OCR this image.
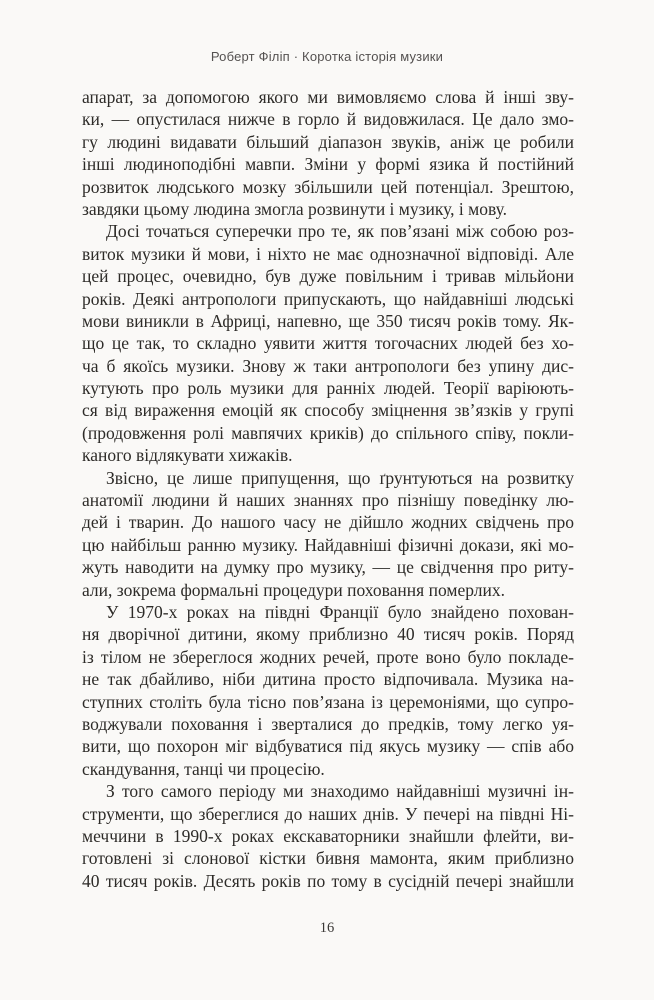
Роберт Філіп · Коротка історія музики
апарат, за допомогою якого ми вимовляємо слова й інші зву-
ки, — опустилася нижче в горло й видовжилася. Це дало змо-
гу людині видавати більший діапазон звуків, аніж це робили
інші людиноподібні мавпи. Зміни у формі язика й постійний
розвиток людського мозку збільшили цей потенціал. Зрештою,
завдяки цьому людина змогла розвинути і музику, і мову.
Досі точаться суперечки про те, як пов’язані між собою роз-
виток музики й мови, і ніхто не має однозначної відповіді. Але
цей процес, очевидно, був дуже повільним і тривав мільйони
років. Деякі антропологи припускають, що найдавніші людські
мови виникли в Африці, напевно, ще 350 тисяч років тому. Як-
що це так, то складно уявити життя тогочасних людей без хо-
ча б якоїсь музики. Знову ж таки антропологи без упину дис-
кутують про роль музики для ранніх людей. Теорії варіюють-
ся від вираження емоцій як способу зміцнення зв’язків у групі
(продовження ролі мавпячих криків) до спільного співу, покли-
каного відлякувати хижаків.
Звісно, це лише припущення, що ґрунтуються на розвитку
анатомії людини й наших знаннях про пізнішу поведінку лю-
дей і тварин. До нашого часу не дійшло жодних свідчень про
цю найбільш ранню музику. Найдавніші фізичні докази, які мо-
жуть наводити на думку про музику, — це свідчення про риту-
али, зокрема формальні процедури поховання померлих.
У 1970-х роках на півдні Франції було знайдено похован-
ня дворічної дитини, якому приблизно 40 тисяч років. Поряд
із тілом не збереглося жодних речей, проте воно було покладе-
не так дбайливо, ніби дитина просто відпочивала. Музика на-
ступних століть була тісно пов’язана із церемоніями, що супро-
воджували поховання і зверталися до предків, тому легко уя-
вити, що похорон міг відбуватися під якусь музику — спів або
скандування, танці чи процесію.
З того самого періоду ми знаходимо найдавніші музичні ін-
струменти, що збереглися до наших днів. У печері на півдні Ні-
меччини в 1990-х роках екскаваторники знайшли флейти, ви-
готовлені зі слонової кістки бивня мамонта, яким приблизно
40 тисяч років. Десять років по тому в сусідній печері знайшли
16
